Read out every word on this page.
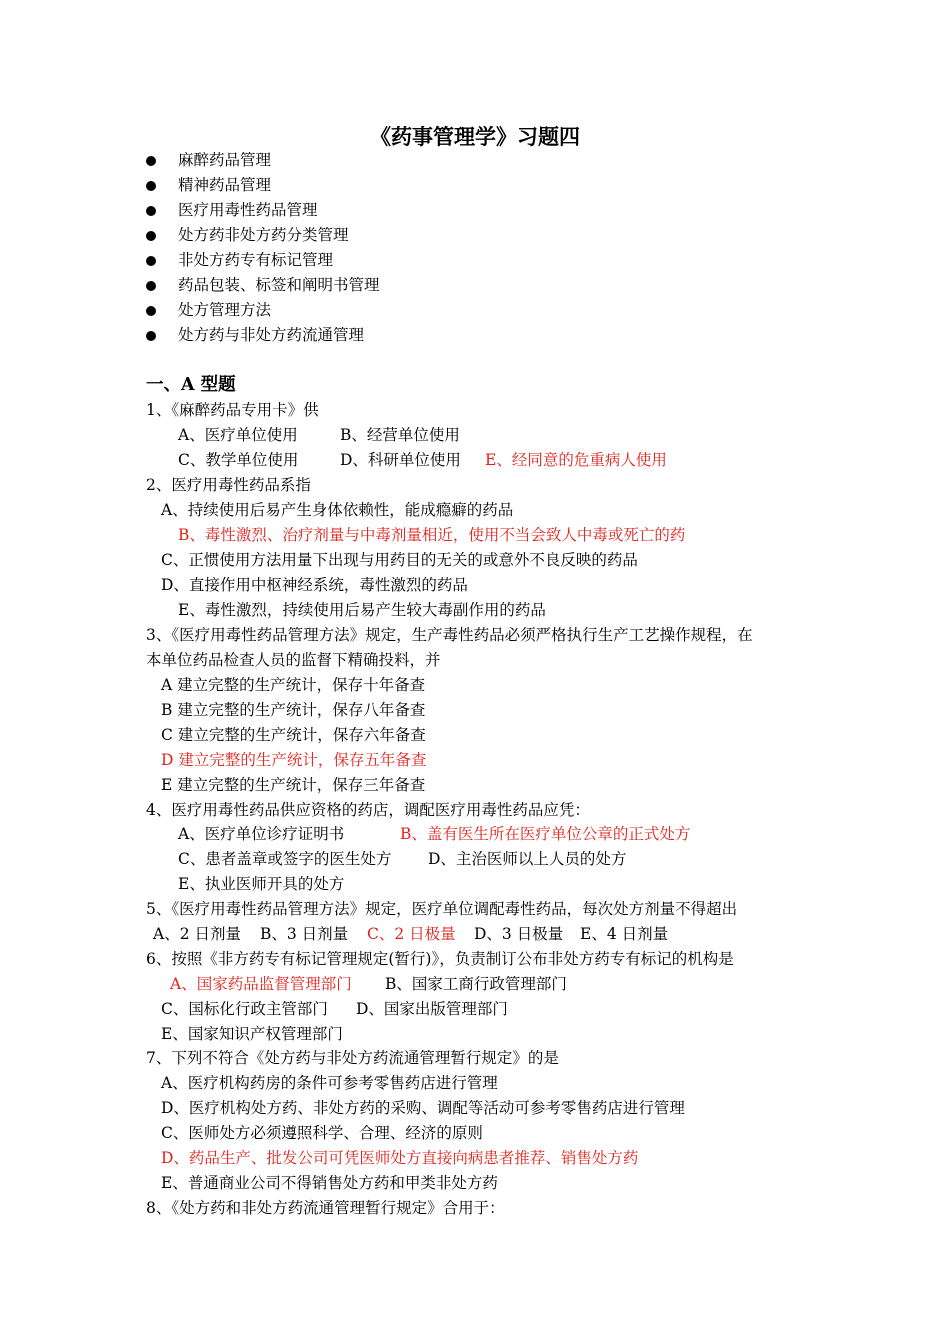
《药事管理学》习题四
麻醉药品管理
精神药品管理
医疗用毒性药品管理
处方药非处方药分类管理
非处方药专有标记管理
药品包装、标签和阐明书管理
处方管理方法
处方药与非处方药流通管理
一、A 型题
1、《麻醉药品专用卡》供
A、医疗单位使用	B、经营单位使用
C、教学单位使用	D、科研单位使用 E、经同意的危重病人使用
2、医疗用毒性药品系指
A、持续使用后易产生身体依赖性，能成瘾癖的药品
B、毒性激烈、治疗剂量与中毒剂量相近，使用不当会致人中毒或死亡的药
C、正惯使用方法用量下出现与用药目的无关的或意外不良反映的药品
D、直接作用中枢神经系统，毒性激烈的药品
E、毒性激烈，持续使用后易产生较大毒副作用的药品
3、《医疗用毒性药品管理方法》规定，生产毒性药品必须严格执行生产工艺操作规程，在
本单位药品检查人员的监督下精确投料，并
A 建立完整的生产统计，保存十年备查
B 建立完整的生产统计，保存八年备查
C 建立完整的生产统计，保存六年备查
D 建立完整的生产统计，保存五年备查
E 建立完整的生产统计，保存三年备查
4、医疗用毒性药品供应资格的药店，调配医疗用毒性药品应凭：
A、医疗单位诊疗证明书	B、盖有医生所在医疗单位公章的正式处方
C、患者盖章或签字的医生处方 D、主治医师以上人员的处方
E、执业医师开具的处方
5、《医疗用毒性药品管理方法》规定，医疗单位调配毒性药品，每次处方剂量不得超出
A、2 日剂量 B、3 日剂量 C、2 日极量 D、3 日极量 E、4 日剂量
6、按照《非方药专有标记管理规定(暂行)》，负责制订公布非处方药专有标记的机构是
A、国家药品监督管理部门 B、国家工商行政管理部门
C、国标化行政主管部门 D、国家出版管理部门
E、国家知识产权管理部门
7、下列不符合《处方药与非处方药流通管理暂行规定》的是
A、医疗机构药房的条件可参考零售药店进行管理
D、医疗机构处方药、非处方药的采购、调配等活动可参考零售药店进行管理
C、医师处方必须遵照科学、合理、经济的原则
D、药品生产、批发公司可凭医师处方直接向病患者推荐、销售处方药
E、普通商业公司不得销售处方药和甲类非处方药
8、《处方药和非处方药流通管理暂行规定》合用于：
